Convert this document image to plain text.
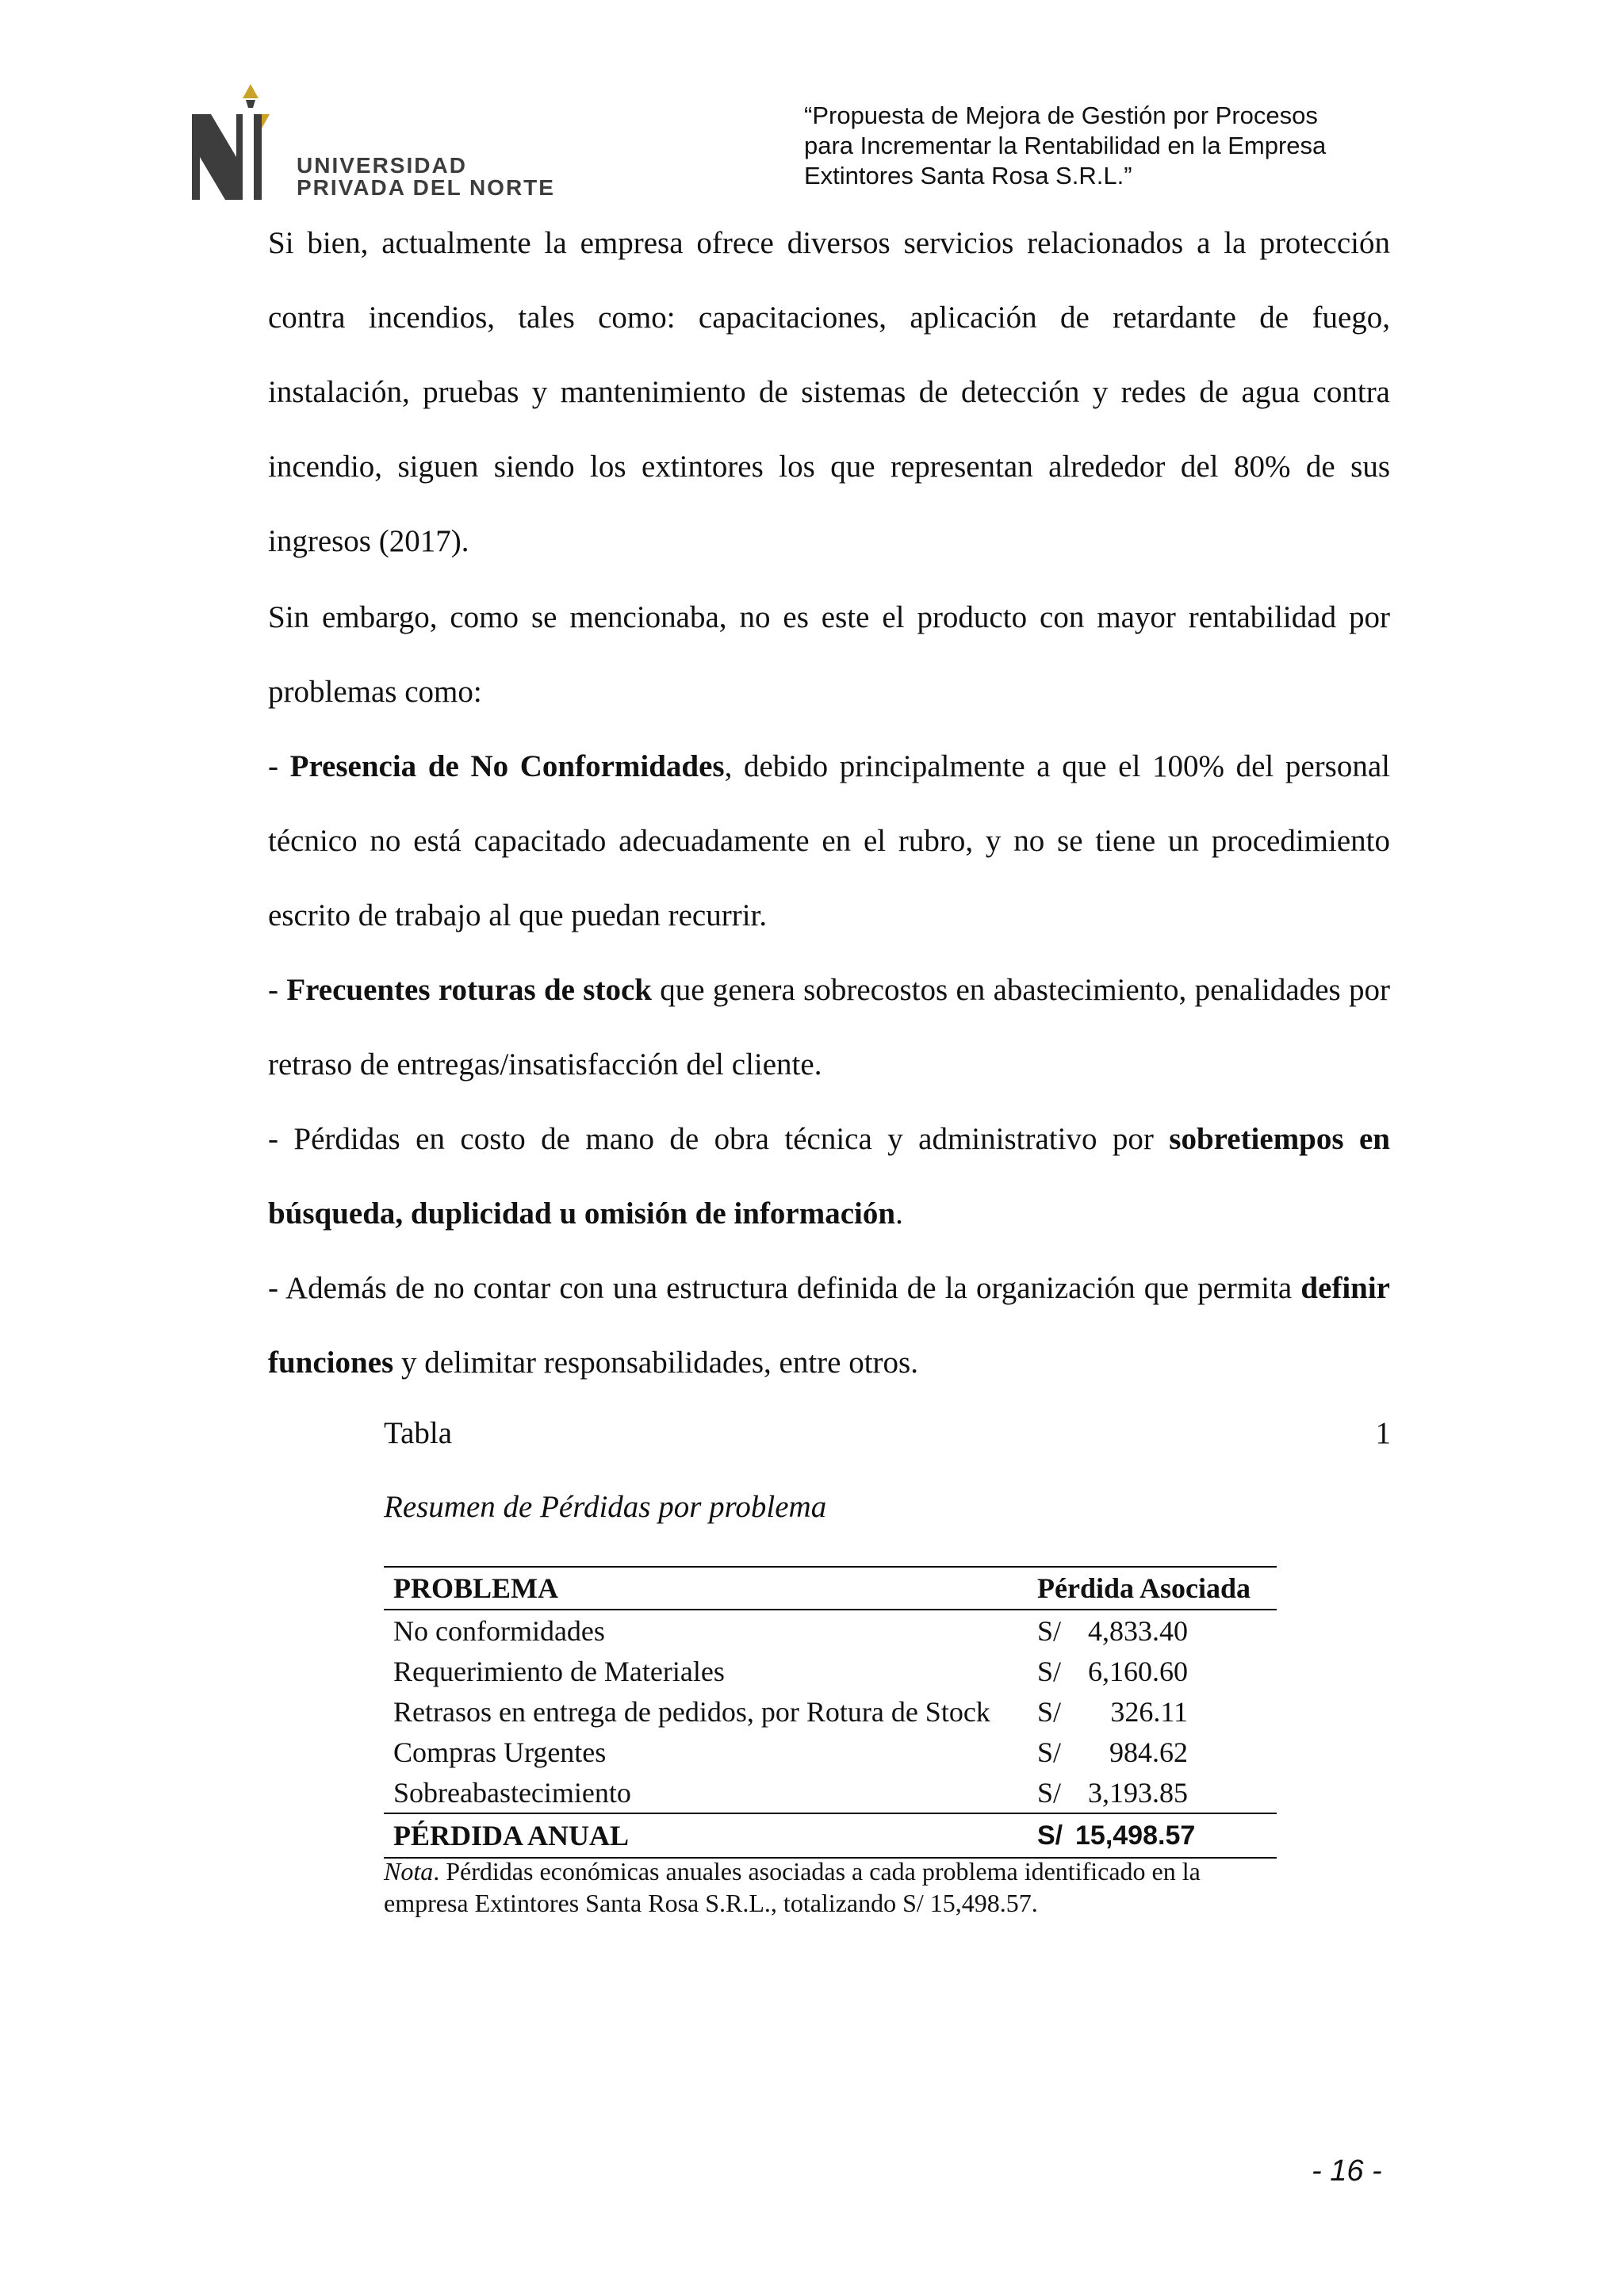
UNIVERSIDAD
PRIVADA DEL NORTE
“Propuesta de Mejora de Gestión por Procesos
para Incrementar la Rentabilidad en la Empresa
Extintores Santa Rosa S.R.L.”

Si bien, actualmente la empresa ofrece diversos servicios relacionados a la protección contra incendios, tales como: capacitaciones, aplicación de retardante de fuego, instalación, pruebas y mantenimiento de sistemas de detección y redes de agua contra incendio, siguen siendo los extintores los que representan alrededor del 80% de sus ingresos (2017).

Sin embargo, como se mencionaba, no es este el producto con mayor rentabilidad por problemas como:

- Presencia de No Conformidades, debido principalmente a que el 100% del personal técnico no está capacitado adecuadamente en el rubro, y no se tiene un procedimiento escrito de trabajo al que puedan recurrir.

- Frecuentes roturas de stock que genera sobrecostos en abastecimiento, penalidades por retraso de entregas/insatisfacción del cliente.

- Pérdidas en costo de mano de obra técnica y administrativo por sobretiempos en búsqueda, duplicidad u omisión de información.

- Además de no contar con una estructura definida de la organización que permita definir funciones y delimitar responsabilidades, entre otros.

Tabla	1
Resumen de Pérdidas por problema
PROBLEMA	Pérdida Asociada
No conformidades	S/ 4,833.40
Requerimiento de Materiales	S/ 6,160.60
Retrasos en entrega de pedidos, por Rotura de Stock	S/ 326.11
Compras Urgentes	S/ 984.62
Sobreabastecimiento	S/ 3,193.85
PÉRDIDA ANUAL	S/ 15,498.57
Nota. Pérdidas económicas anuales asociadas a cada problema identificado en la empresa Extintores Santa Rosa S.R.L., totalizando S/ 15,498.57.
- 16 -
